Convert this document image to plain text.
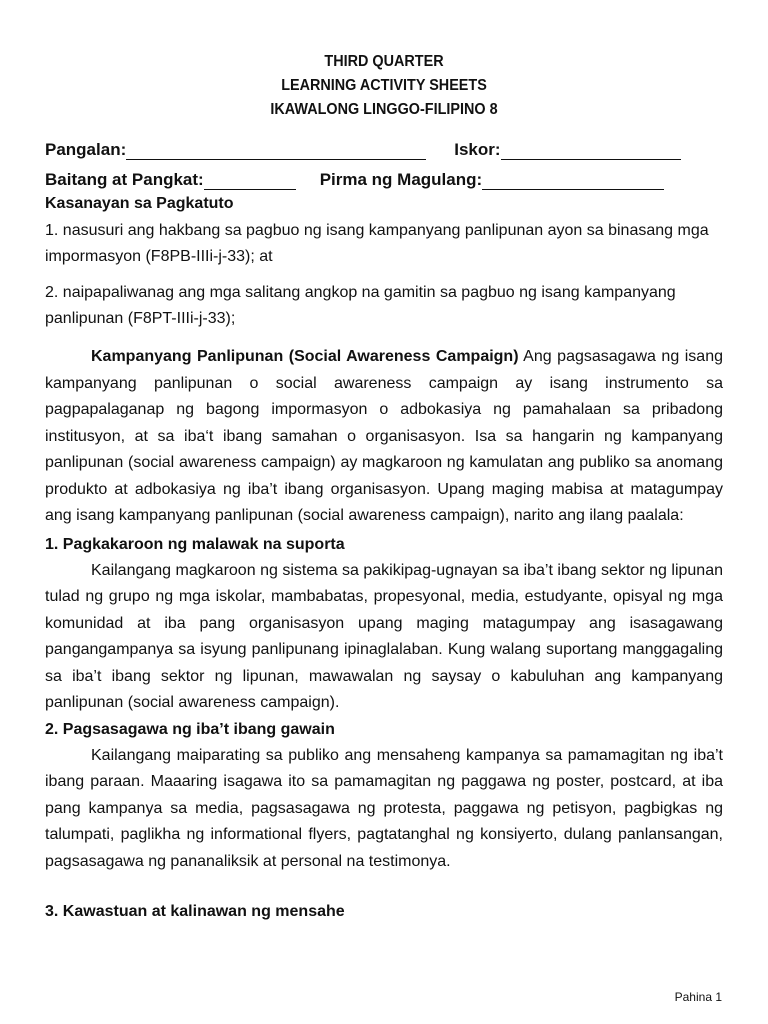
THIRD QUARTER
LEARNING ACTIVITY SHEETS
IKAWALONG LINGGO-FILIPINO 8
Pangalan:	Iskor:
Baitang at Pangkat:	Pirma ng Magulang:
Kasanayan sa Pagkatuto
1. nasusuri ang hakbang sa pagbuo ng isang kampanyang panlipunan ayon sa binasang mga impormasyon (F8PB-IIIi-j-33); at
2. naipapaliwanag ang mga salitang angkop na gamitin sa pagbuo ng isang kampanyang panlipunan (F8PT-IIIi-j-33);
Kampanyang Panlipunan (Social Awareness Campaign) Ang pagsasagawa ng isang kampanyang panlipunan o social awareness campaign ay isang instrumento sa pagpapalaganap ng bagong impormasyon o adbokasiya ng pamahalaan sa pribadong institusyon, at sa iba‘t ibang samahan o organisasyon. Isa sa hangarin ng kampanyang panlipunan (social awareness campaign) ay magkaroon ng kamulatan ang publiko sa anomang produkto at adbokasiya ng iba’t ibang organisasyon. Upang maging mabisa at matagumpay ang isang kampanyang panlipunan (social awareness campaign), narito ang ilang paalala:
1. Pagkakaroon ng malawak na suporta
Kailangang magkaroon ng sistema sa pakikipag-ugnayan sa iba’t ibang sektor ng lipunan tulad ng grupo ng mga iskolar, mambabatas, propesyonal, media, estudyante, opisyal ng mga komunidad at iba pang organisasyon upang maging matagumpay ang isasagawang pangangampanya sa isyung panlipunang ipinaglalaban. Kung walang suportang manggagaling sa iba’t ibang sektor ng lipunan, mawawalan ng saysay o kabuluhan ang kampanyang panlipunan (social awareness campaign).
2. Pagsasagawa ng iba’t ibang gawain
Kailangang maiparating sa publiko ang mensaheng kampanya sa pamamagitan ng iba’t ibang paraan. Maaaring isagawa ito sa pamamagitan ng paggawa ng poster, postcard, at iba pang kampanya sa media, pagsasagawa ng protesta, paggawa ng petisyon, pagbigkas ng talumpati, paglikha ng informational flyers, pagtatanghal ng konsiyerto, dulang panlansangan, pagsasagawa ng pananaliksik at personal na testimonya.
3. Kawastuan at kalinawan ng mensahe
Pahina 1
